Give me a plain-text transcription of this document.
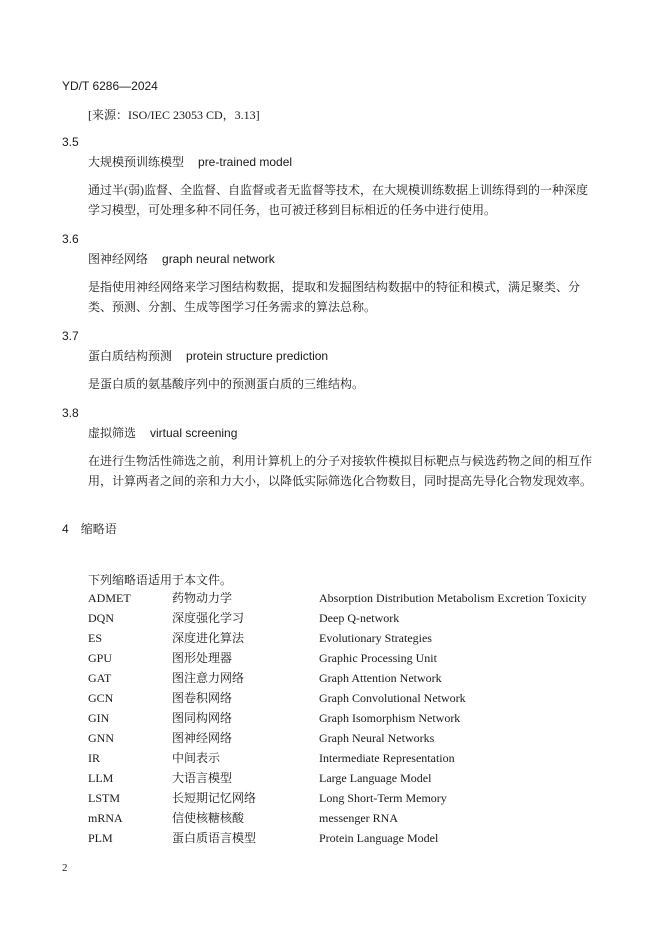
YD/T 6286—2024
[来源：ISO/IEC 23053 CD，3.13]
3.5
大规模预训练模型 pre-trained model
通过半(弱)监督、全监督、自监督或者无监督等技术，在大规模训练数据上训练得到的一种深度学习模型，可处理多种不同任务，也可被迁移到目标相近的任务中进行使用。
3.6
图神经网络 graph neural network
是指使用神经网络来学习图结构数据，提取和发掘图结构数据中的特征和模式，满足聚类、分类、预测、分割、生成等图学习任务需求的算法总称。
3.7
蛋白质结构预测 protein structure prediction
是蛋白质的氨基酸序列中的预测蛋白质的三维结构。
3.8
虚拟筛选 virtual screening
在进行生物活性筛选之前，利用计算机上的分子对接软件模拟目标靶点与候选药物之间的相互作用，计算两者之间的亲和力大小，以降低实际筛选化合物数目，同时提高先导化合物发现效率。
4 缩略语
下列缩略语适用于本文件。
ADMET	药物动力学	Absorption Distribution Metabolism Excretion Toxicity
DQN	深度强化学习	Deep Q-network
ES	深度进化算法	Evolutionary Strategies
GPU	图形处理器	Graphic Processing Unit
GAT	图注意力网络	Graph Attention Network
GCN	图卷积网络	Graph Convolutional Network
GIN	图同构网络	Graph Isomorphism Network
GNN	图神经网络	Graph Neural Networks
IR	中间表示	Intermediate Representation
LLM	大语言模型	Large Language Model
LSTM	长短期记忆网络	Long Short-Term Memory
mRNA	信使核糖核酸	messenger RNA
PLM	蛋白质语言模型	Protein Language Model
2
